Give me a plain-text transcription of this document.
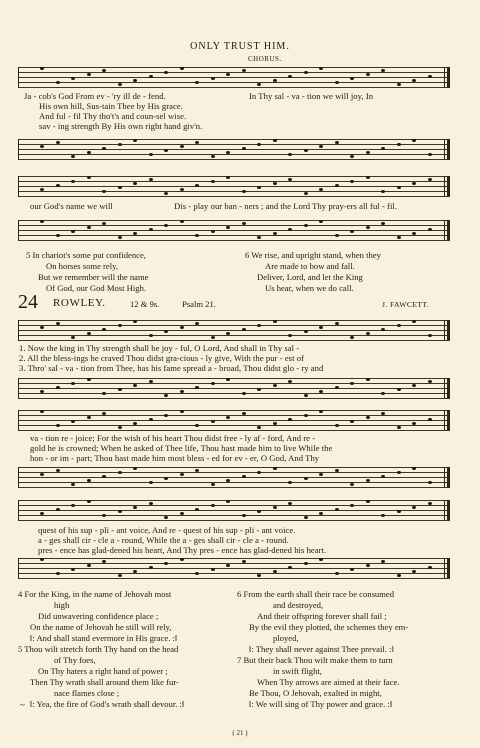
ONLY TRUST HIM.
CHORUS.
Ja - cob's God From ev - 'ry ill de - fend.	In Thy sal - va - tion we will joy, In
His own hill, Sus-tain Thee by His grace.
And ful - fil Thy tho't's and coun-sel wise.
sav - ing strength By His own right hand giv'n.
our God's name we will	Dis - play our ban - ners ; and the Lord Thy pray-ers all ful - fil.
5 In chariot's some put confidence,
On horses some rely,
But we remember will the name
Of God, our God Most High.
6 We rise, and upright stand, when they
Are made to bow and fall.
Deliver, Lord, and let the King
Us hear, when we do call.
24 ROWLEY.	12 & 9s.	Psalm 21.	J. FAWCETT.
1. Now the king in Thy strength shall be joy - ful, O Lord, And shall in Thy sal -
2. All the bless-ings he craved Thou didst gra-cious - ly give, With the pur - est of
3. Thro' sal - va - tion from Thee, has his fame spread a - broad, Thou didst glo - ry and
va - tion re - joice; For the wish of his heart Thou didst free - ly af - ford, And re -
gold he is crowned; When he asked of Thee life, Thou hast made him to live While the
hon - or im - part; Thou hast made him most bless - ed for ev - er, O God, And Thy
quest of his sup - pli - ant voice, And re - quest of his sup - pli - ant voice.
a - ges shall cir - cle a - round, While the a - ges shall cir - cle a - round.
pres - ence has glad-dened his heart, And Thy pres - ence has glad-dened his heart.
4 For the King, in the name of Jehovah most
high
Did unwavering confidence place ;
On the name of Jehovah he still will rely,
‖: And shall stand evermore in His grace. :‖
5 Thou wilt stretch forth Thy hand on the head
of Thy foes,
On Thy haters a right hand of power ;
Then Thy wrath shall around them like fur-
nace flames close ;
‖: Yea, the fire of God's wrath shall devour. :‖
6 From the earth shall their race be consumed
and destroyed,
And their offspring forever shall fail ;
By the evil they plotted, the schemes they em-
ployed,
‖: They shall never against Thee prevail. :‖
7 But their back Thou wilt make them to turn
in swift flight,
When Thy arrows are aimed at their face.
Be Thou, O Jehovah, exalted in might,
‖: We will sing of Thy power and grace. :‖
~
( 21 )
